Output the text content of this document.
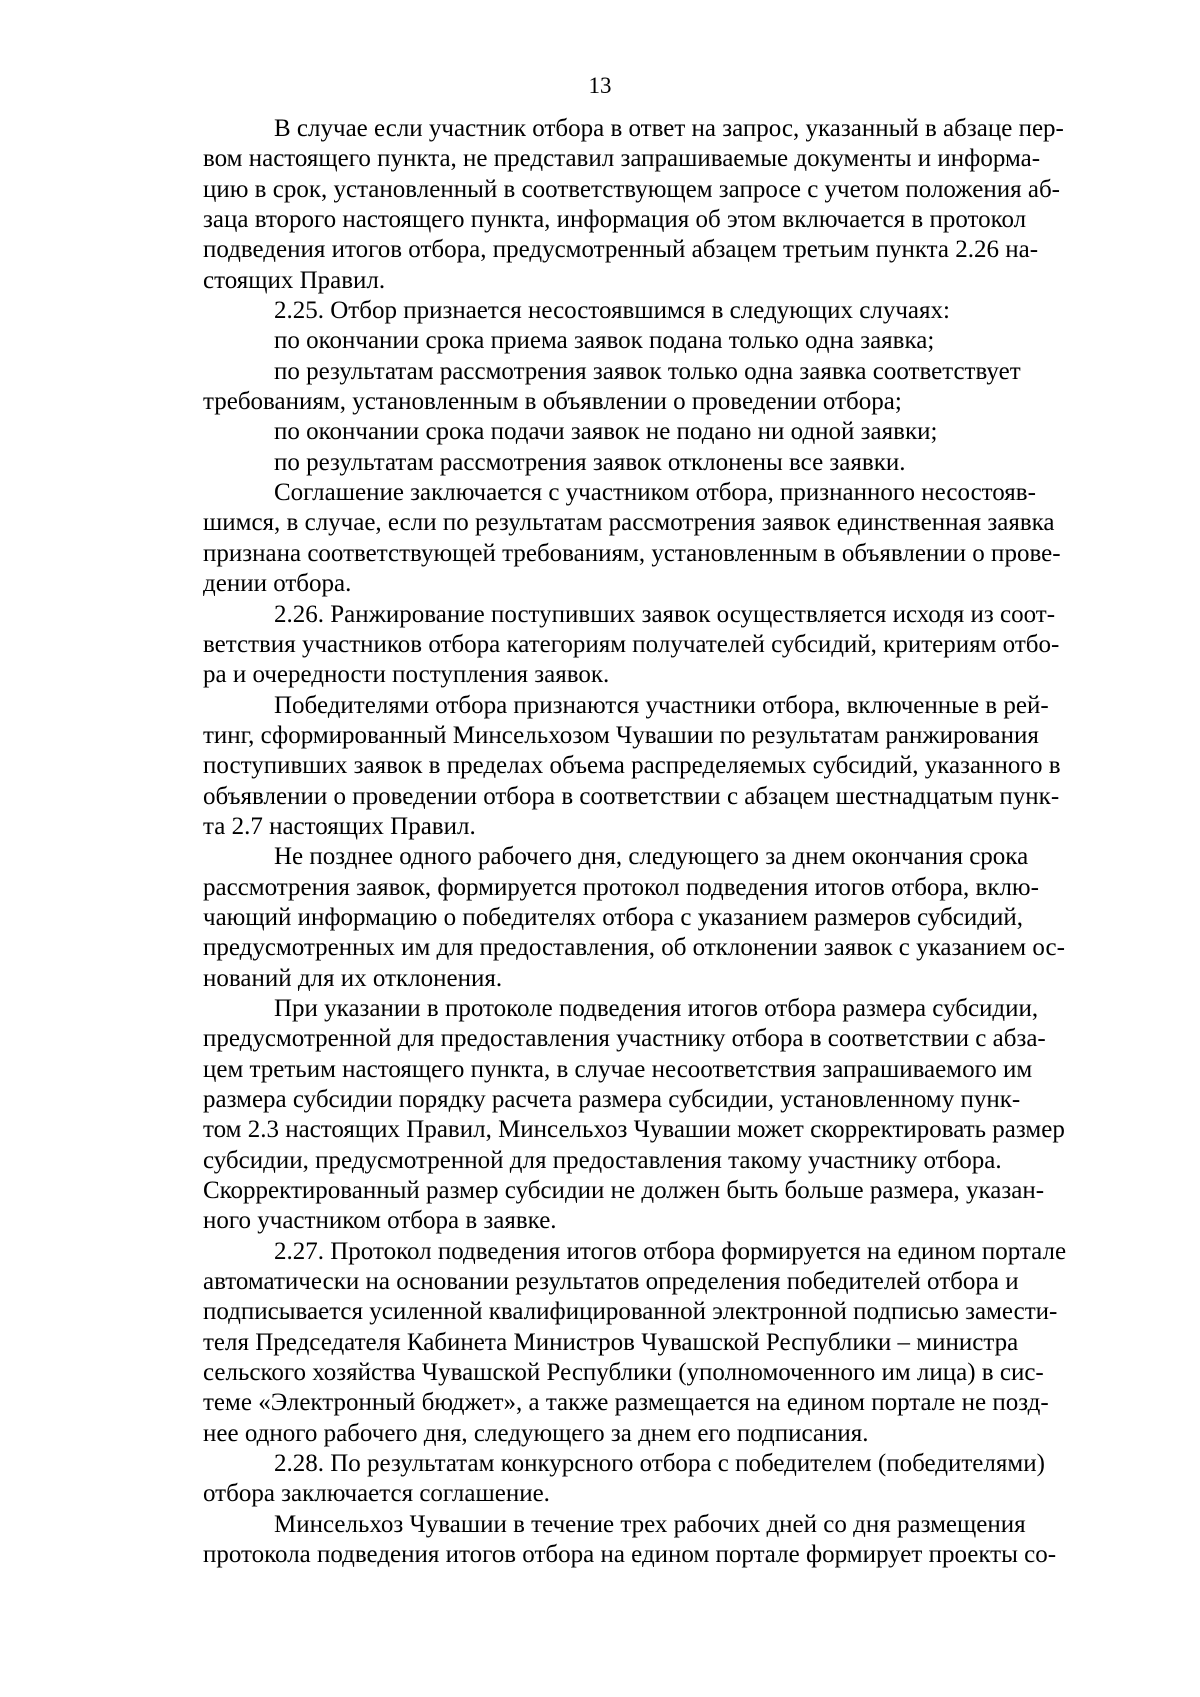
13

В случае если участник отбора в ответ на запрос, указанный в абзаце пер-
вом настоящего пункта, не представил запрашиваемые документы и информа-
цию в срок, установленный в соответствующем запросе с учетом положения аб-
заца второго настоящего пункта, информация об этом включается в протокол
подведения итогов отбора, предусмотренный абзацем третьим пункта 2.26 на-
стоящих Правил.

2.25. Отбор признается несостоявшимся в следующих случаях:

по окончании срока приема заявок подана только одна заявка;

по результатам рассмотрения заявок только одна заявка соответствует
требованиям, установленным в объявлении о проведении отбора;

по окончании срока подачи заявок не подано ни одной заявки;

по результатам рассмотрения заявок отклонены все заявки.

Соглашение заключается с участником отбора, признанного несостояв-
шимся, в случае, если по результатам рассмотрения заявок единственная заявка
признана соответствующей требованиям, установленным в объявлении о прове-
дении отбора.

2.26. Ранжирование поступивших заявок осуществляется исходя из соот-
ветствия участников отбора категориям получателей субсидий, критериям отбо-
ра и очередности поступления заявок.

Победителями отбора признаются участники отбора, включенные в рей-
тинг, сформированный Минсельхозом Чувашии по результатам ранжирования
поступивших заявок в пределах объема распределяемых субсидий, указанного в
объявлении о проведении отбора в соответствии с абзацем шестнадцатым пунк-
та 2.7 настоящих Правил.

Не позднее одного рабочего дня, следующего за днем окончания срока
рассмотрения заявок, формируется протокол подведения итогов отбора, вклю-
чающий информацию о победителях отбора с указанием размеров субсидий,
предусмотренных им для предоставления, об отклонении заявок с указанием ос-
нований для их отклонения.

При указании в протоколе подведения итогов отбора размера субсидии,
предусмотренной для предоставления участнику отбора в соответствии с абза-
цем третьим настоящего пункта, в случае несоответствия запрашиваемого им
размера субсидии порядку расчета размера субсидии, установленному пунк-
том 2.3 настоящих Правил, Минсельхоз Чувашии может скорректировать размер
субсидии, предусмотренной для предоставления такому участнику отбора.
Скорректированный размер субсидии не должен быть больше размера, указан-
ного участником отбора в заявке.

2.27. Протокол подведения итогов отбора формируется на едином портале
автоматически на основании результатов определения победителей отбора и
подписывается усиленной квалифицированной электронной подписью замести-
теля Председателя Кабинета Министров Чувашской Республики – министра
сельского хозяйства Чувашской Республики (уполномоченного им лица) в сис-
теме «Электронный бюджет», а также размещается на едином портале не позд-
нее одного рабочего дня, следующего за днем его подписания.

2.28. По результатам конкурсного отбора с победителем (победителями)
отбора заключается соглашение.

Минсельхоз Чувашии в течение трех рабочих дней со дня размещения
протокола подведения итогов отбора на едином портале формирует проекты со-
